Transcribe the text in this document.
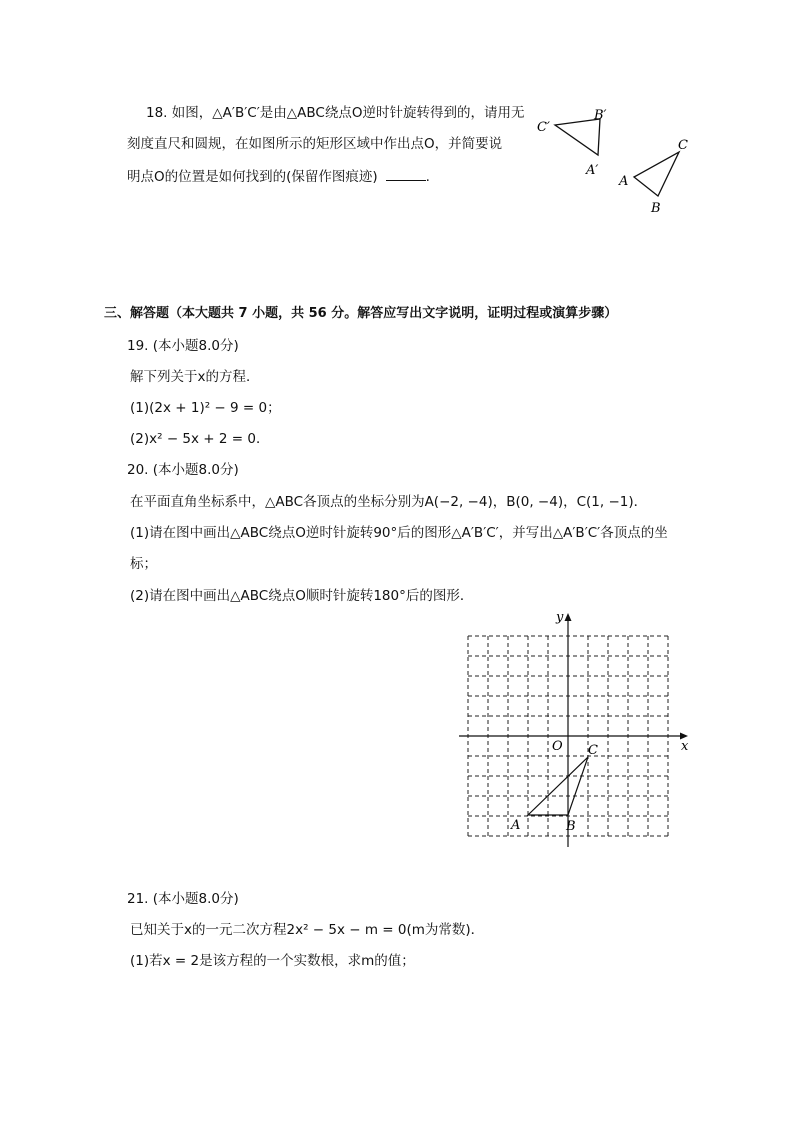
18. 如图，△A′B′C′是由△ABC绕点O逆时针旋转得到的，请用无
刻度直尺和圆规，在如图所示的矩形区域中作出点O，并简要说
明点O的位置是如何找到的(保留作图痕迹)	.
C′
B′
A′
A
C
B
三、解答题（本大题共 7 小题，共 56 分。解答应写出文字说明，证明过程或演算步骤）
19. (本小题8.0分)
解下列关于x的方程．
(1)(2x + 1)² − 9 = 0；
(2)x² − 5x + 2 = 0．
20. (本小题8.0分)
在平面直角坐标系中，△ABC各顶点的坐标分别为A(−2, −4)，B(0, −4)，C(1, −1)．
(1)请在图中画出△ABC绕点O逆时针旋转90°后的图形△A′B′C′，并写出△A′B′C′各顶点的坐
标；
(2)请在图中画出△ABC绕点O顺时针旋转180°后的图形．
y
x
O
A	B
C
21. (本小题8.0分)
已知关于x的一元二次方程2x² − 5x − m = 0(m为常数)．
(1)若x = 2是该方程的一个实数根，求m的值；
